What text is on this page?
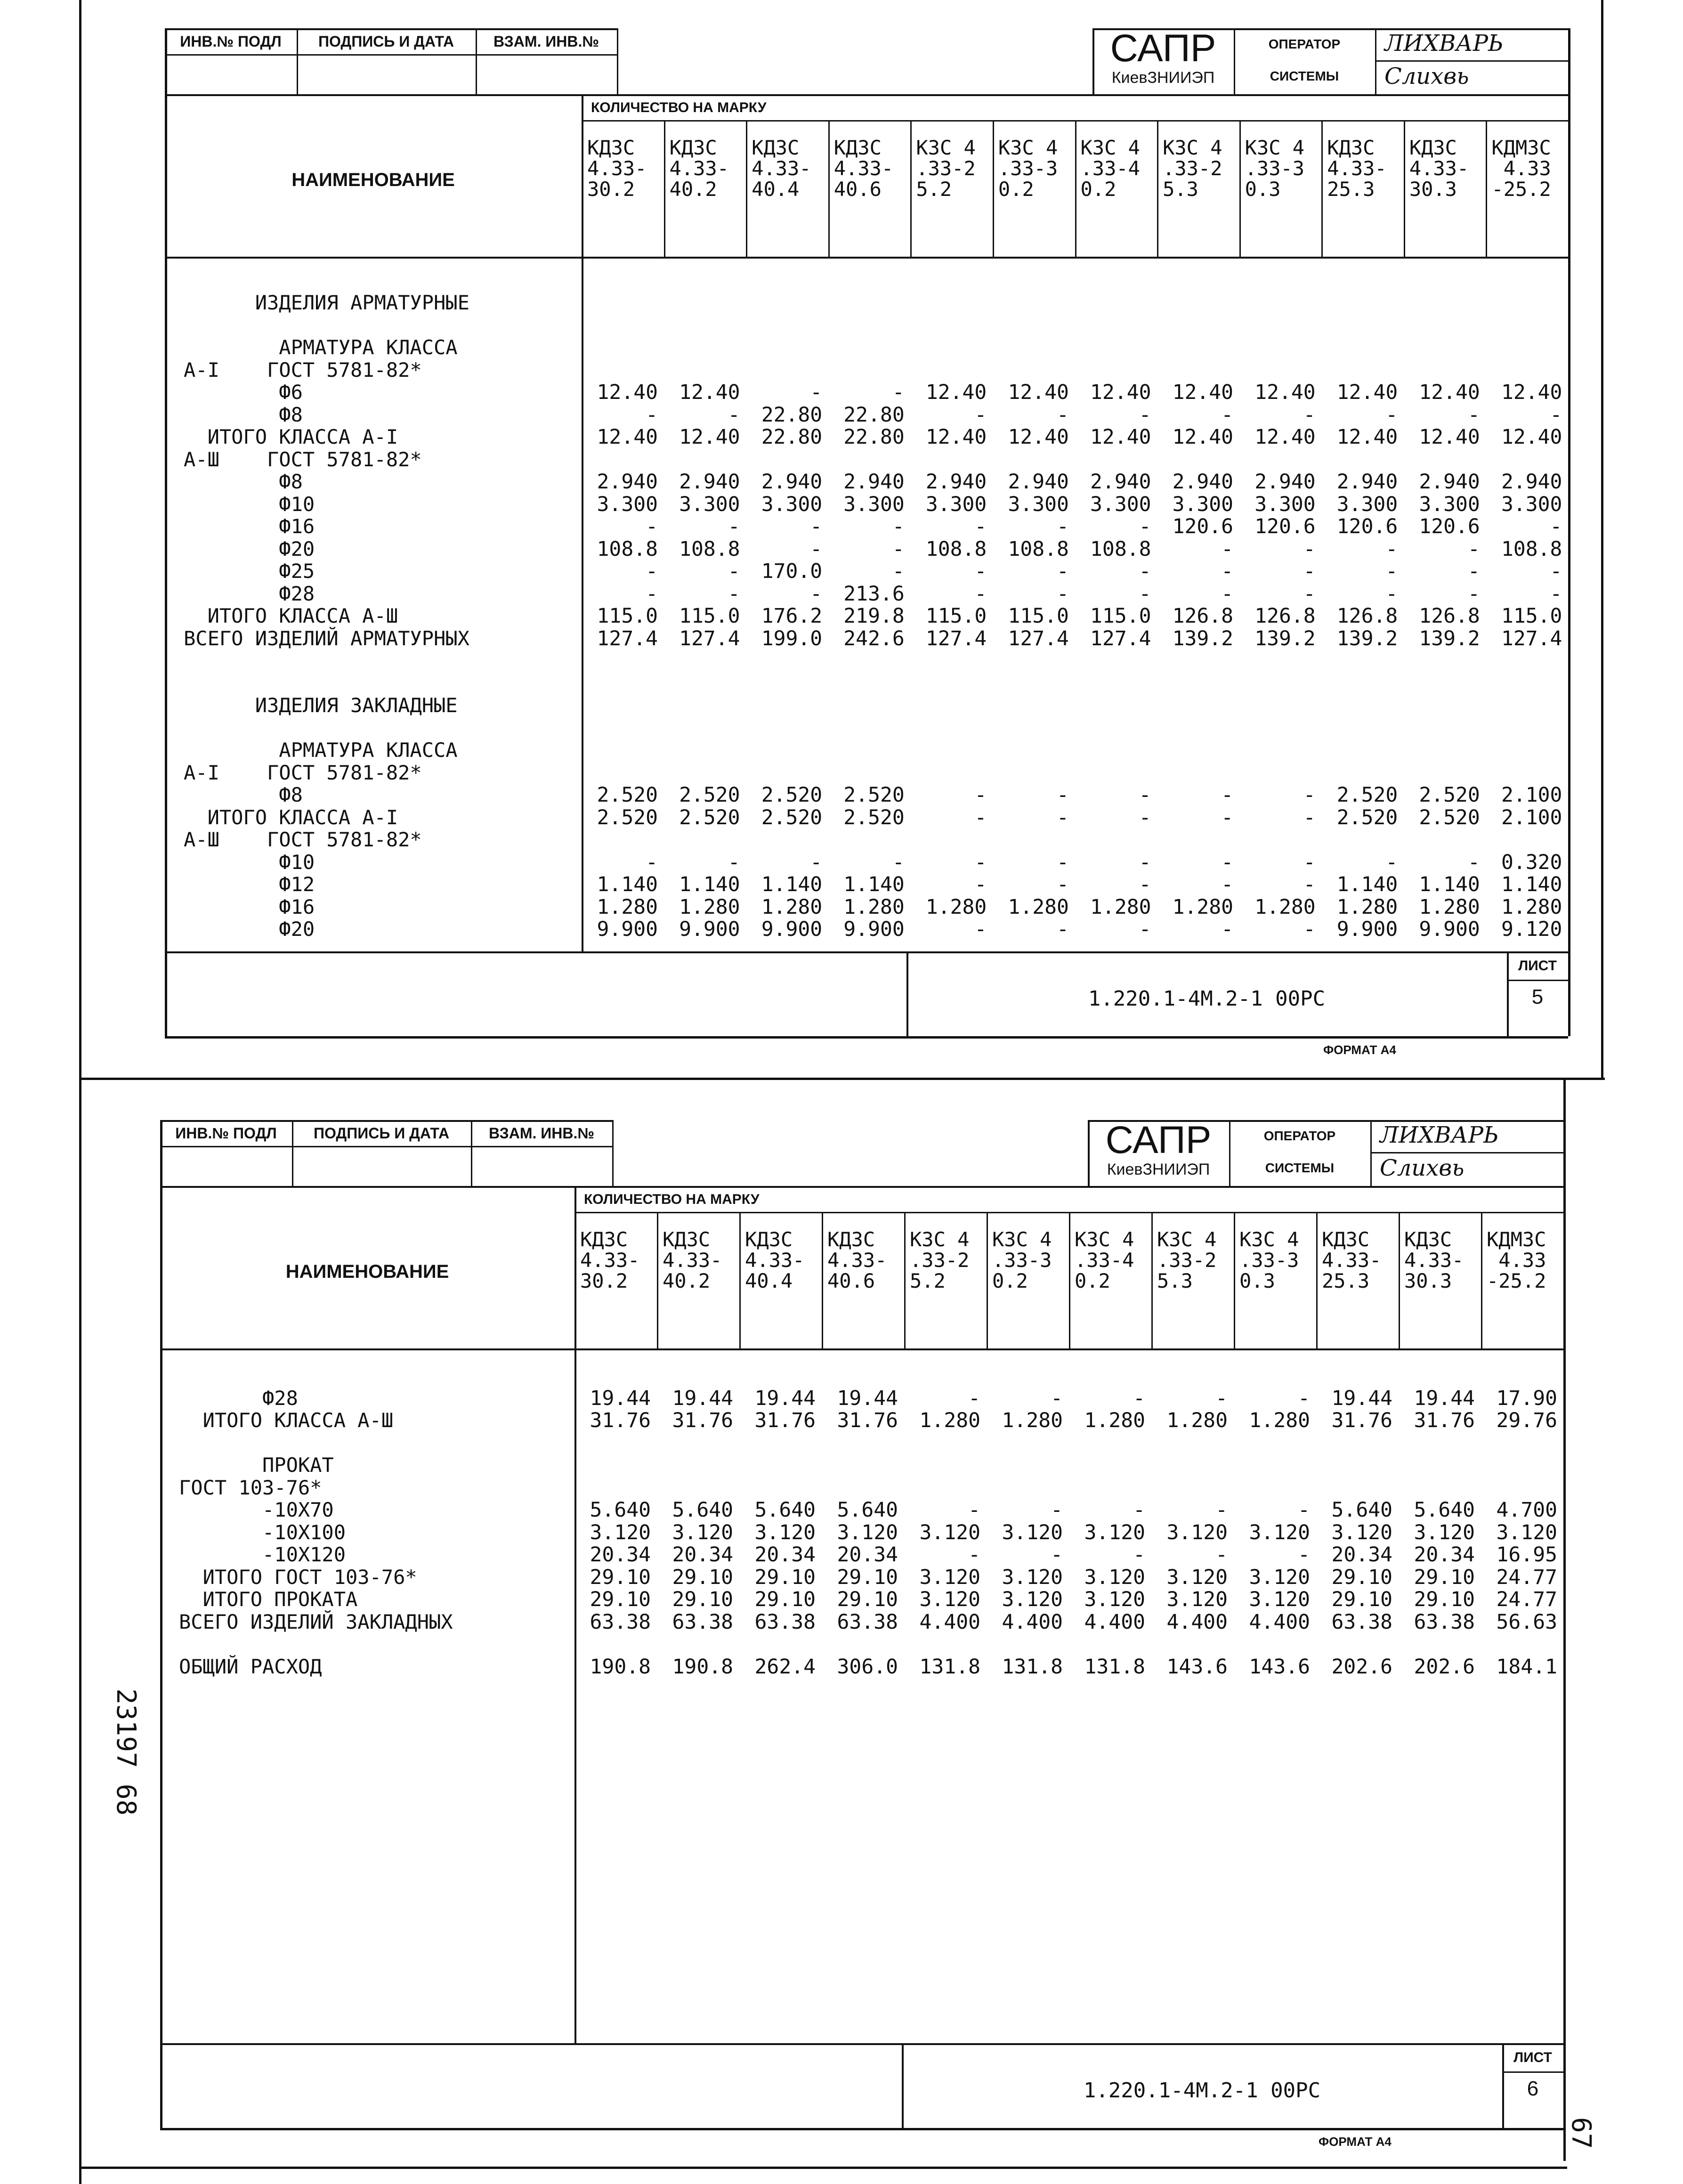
ИНВ.№ ПОДЛ	ПОДПИСЬ И ДАТА	ВЗАМ. ИНВ.№	САПР
КиевЗНИИЭП
ОПЕРАТОР
СИСТЕМЫ
ЛИХВАРЬ
Слихвь
НАИМЕНОВАНИЕ
КОЛИЧЕСТВО НА МАРКУ
КДЗС
4.33-
30.2
КДЗС
4.33-
40.2
КДЗС
4.33-
40.4
КДЗС
4.33-
40.6
КЗС 4
.33-2
5.2
КЗС 4
.33-3
0.2
КЗС 4
.33-4
0.2
КЗС 4
.33-2
5.3
КЗС 4
.33-3
0.3
КДЗС
4.33-
25.3
КДЗС
4.33-
30.3
КДМЗС
4.33
-25.2
ИЗДЕЛИЯ АРМАТУРНЫЕ
АРМАТУРА КЛАССА
А-I    ГОСТ 5781-82*
Ф6	12.40	12.40	-	-	12.40	12.40	12.40	12.40	12.40	12.40	12.40	12.40
Ф8	-	-	22.80	22.80	-	-	-	-	-	-	-	-
ИТОГО КЛАССА А-I	12.40	12.40	22.80	22.80	12.40	12.40	12.40	12.40	12.40	12.40	12.40	12.40
А-Ш    ГОСТ 5781-82*
Ф8	2.940	2.940	2.940	2.940	2.940	2.940	2.940	2.940	2.940	2.940	2.940	2.940
Ф10	3.300	3.300	3.300	3.300	3.300	3.300	3.300	3.300	3.300	3.300	3.300	3.300
Ф16	-	-	-	-	-	-	-	120.6	120.6	120.6	120.6	-
Ф20	108.8	108.8	-	-	108.8	108.8	108.8	-	-	-	-	108.8
Ф25	-	-	170.0	-	-	-	-	-	-	-	-	-
Ф28	-	-	-	213.6	-	-	-	-	-	-	-	-
ИТОГО КЛАССА А-Ш	115.0	115.0	176.2	219.8	115.0	115.0	115.0	126.8	126.8	126.8	126.8	115.0
ВСЕГО ИЗДЕЛИЙ АРМАТУРНЫХ	127.4	127.4	199.0	242.6	127.4	127.4	127.4	139.2	139.2	139.2	139.2	127.4
ИЗДЕЛИЯ ЗАКЛАДНЫЕ
АРМАТУРА КЛАССА
А-I    ГОСТ 5781-82*
Ф8	2.520	2.520	2.520	2.520	-	-	-	-	-	2.520	2.520	2.100
ИТОГО КЛАССА А-I	2.520	2.520	2.520	2.520	-	-	-	-	-	2.520	2.520	2.100
А-Ш    ГОСТ 5781-82*
Ф10	-	-	-	-	-	-	-	-	-	-	-	0.320
Ф12	1.140	1.140	1.140	1.140	-	-	-	-	-	1.140	1.140	1.140
Ф16	1.280	1.280	1.280	1.280	1.280	1.280	1.280	1.280	1.280	1.280	1.280	1.280
Ф20	9.900	9.900	9.900	9.900	-	-	-	-	-	9.900	9.900	9.120
1.220.1-4М.2-1 00РС
ЛИСТ
5
ФОРМАТ А4
ИНВ.№ ПОДЛ	ПОДПИСЬ И ДАТА	ВЗАМ. ИНВ.№	САПР
КиевЗНИИЭП
ОПЕРАТОР
СИСТЕМЫ
ЛИХВАРЬ
Слихвь
НАИМЕНОВАНИЕ
КОЛИЧЕСТВО НА МАРКУ
КДЗС
4.33-
30.2
КДЗС
4.33-
40.2
КДЗС
4.33-
40.4
КДЗС
4.33-
40.6
КЗС 4
.33-2
5.2
КЗС 4
.33-3
0.2
КЗС 4
.33-4
0.2
КЗС 4
.33-2
5.3
КЗС 4
.33-3
0.3
КДЗС
4.33-
25.3
КДЗС
4.33-
30.3
КДМЗС
4.33
-25.2
Ф28	19.44	19.44	19.44	19.44	-	-	-	-	-	19.44	19.44	17.90
ИТОГО КЛАССА А-Ш	31.76	31.76	31.76	31.76	1.280	1.280	1.280	1.280	1.280	31.76	31.76	29.76
ПРОКАТ
ГОСТ 103-76*
-10Х70	5.640	5.640	5.640	5.640	-	-	-	-	-	5.640	5.640	4.700
-10Х100	3.120	3.120	3.120	3.120	3.120	3.120	3.120	3.120	3.120	3.120	3.120	3.120
-10Х120	20.34	20.34	20.34	20.34	-	-	-	-	-	20.34	20.34	16.95
ИТОГО ГОСТ 103-76*	29.10	29.10	29.10	29.10	3.120	3.120	3.120	3.120	3.120	29.10	29.10	24.77
ИТОГО ПРОКАТА	29.10	29.10	29.10	29.10	3.120	3.120	3.120	3.120	3.120	29.10	29.10	24.77
ВСЕГО ИЗДЕЛИЙ ЗАКЛАДНЫХ	63.38	63.38	63.38	63.38	4.400	4.400	4.400	4.400	4.400	63.38	63.38	56.63
ОБЩИЙ РАСХОД	190.8	190.8	262.4	306.0	131.8	131.8	131.8	143.6	143.6	202.6	202.6	184.1
1.220.1-4М.2-1 00РС
ЛИСТ
6
ФОРМАТ А4
23197 68
67
